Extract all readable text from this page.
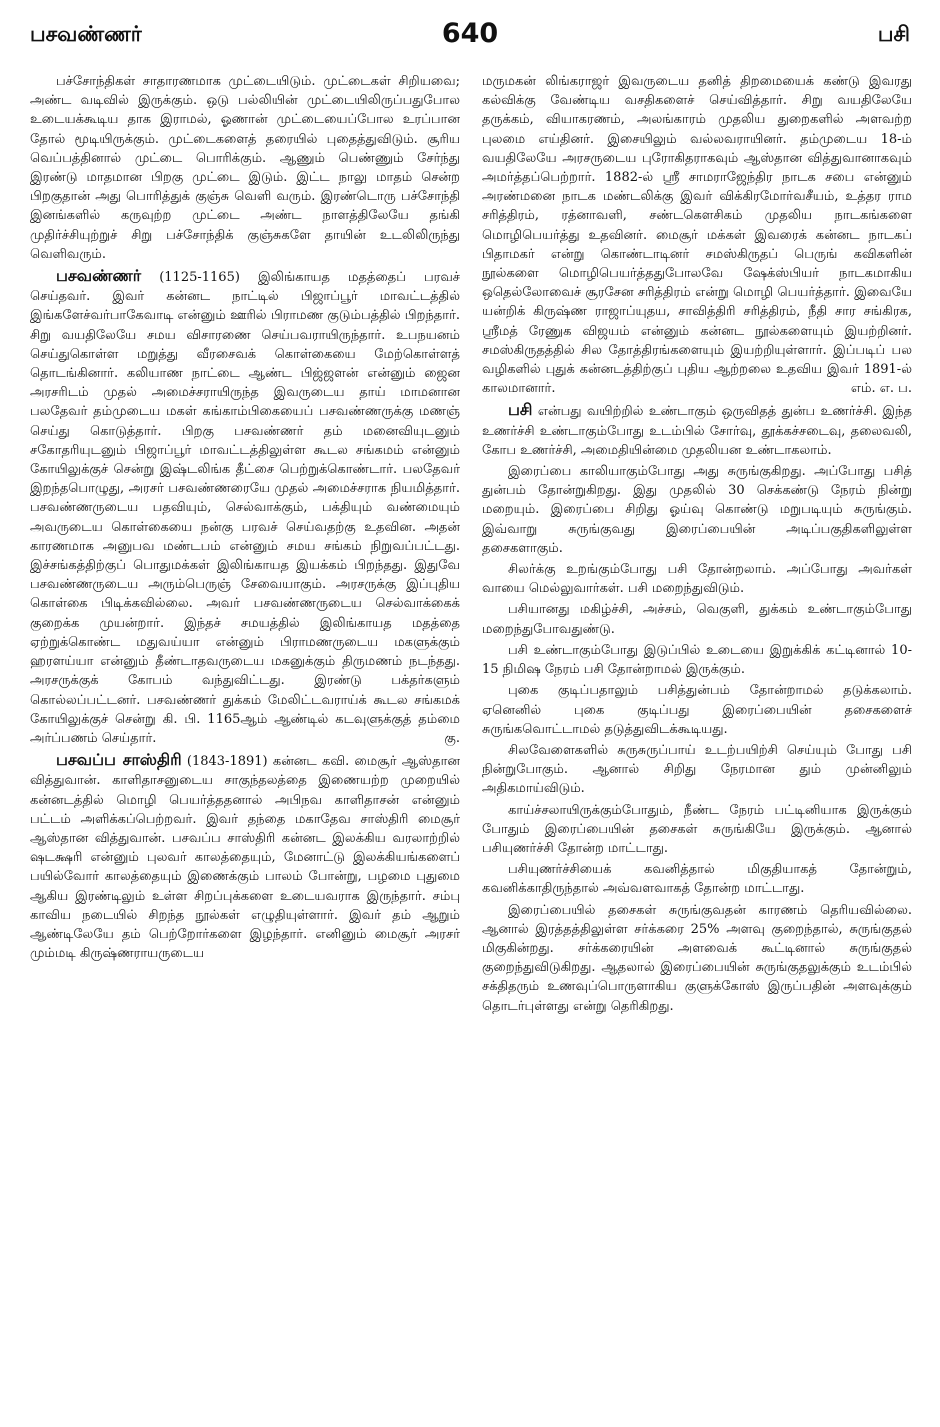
பசவண்ணர்	640	பசி

பச்சோந்திகள் சாதாரணமாக முட்டையிடும். முட்டைகள் சிறியவை; அண்ட வடிவில் இருக்கும். ஒடு பல்லியின் முட்டையிலிருப்பதுபோல உடையக்கூடிய தாக இராமல், ஓணான் முட்டையைப்போல உரப்பான தோல் மூடியிருக்கும். முட்டைகளைத் தரையில் புதைத்துவிடும். சூரிய வெப்பத்தினால் முட்டை பொரிக்கும். ஆணும் பெண்ணும் சேர்ந்து இரண்டு மாதமான பிறகு முட்டை இடும். இட்ட நாலு மாதம் சென்ற பிறகுதான் அது பொரித்துக் குஞ்சு வெளி வரும். இரண்டொரு பச்சோந்தி இனங்களில் கருவுற்ற முட்டை அண்ட நாளத்திலேயே தங்கி முதிர்ச்சியுற்றுச் சிறு பச்சோந்திக் குஞ்சுகளே தாயின் உடலிலிருந்து வெளிவரும்.

பசவண்ணர் (1125-1165) இலிங்காயத மதத்தைப் பரவச் செய்தவர். இவர் கன்னட நாட்டில் பிஜாப்பூர் மாவட்டத்தில் இங்களேச்வர்பாகேவாடி என்னும் ஊரில் பிராமண குடும்பத்தில் பிறந்தார். சிறு வயதிலேயே சமய விசாரணை செய்பவராயிருந்தார். உபநயனம் செய்துகொள்ள மறுத்து வீரசைவக் கொள்கையை மேற்கொள்ளத் தொடங்கினார். கலியாண நாட்டை ஆண்ட பிஜ்ஜளன் என்னும் ஜைன அரசரிடம் முதல் அமைச்சராயிருந்த இவருடைய தாய் மாமனான பலதேவர் தம்முடைய மகள் கங்காம்பிகையைப் பசவண்ணருக்கு மணஞ் செய்து கொடுத்தார். பிறகு பசவண்ணர் தம் மனைவியுடனும் சகோதரியுடனும் பிஜாப்பூர் மாவட்டத்திலுள்ள கூடல சங்கமம் என்னும் கோயிலுக்குச் சென்று இஷ்டலிங்க தீட்சை பெற்றுக்கொண்டார். பலதேவர் இறந்தபொழுது, அரசர் பசவண்ணரையே முதல் அமைச்சராக நியமித்தார். பசவண்ணருடைய பதவியும், செல்வாக்கும், பக்தியும் வண்மையும் அவருடைய கொள்கையை நன்கு பரவச் செய்வதற்கு உதவின. அதன் காரணமாக அனுபவ மண்டபம் என்னும் சமய சங்கம் நிறுவப்பட்டது. இச்சங்கத்திற்குப் பொதுமக்கள் இலிங்காயத இயக்கம் பிறந்தது. இதுவே பசவண்ணருடைய அரும்பெருஞ் சேவையாகும். அரசருக்கு இப்புதிய கொள்கை பிடிக்கவில்லை. அவர் பசவண்ணருடைய செல்வாக்கைக் குறைக்க முயன்றார். இந்தச் சமயத்தில் இலிங்காயத மதத்தை ஏற்றுக்கொண்ட மதுவய்யா என்னும் பிராமணருடைய மகளுக்கும் ஹரளய்யா என்னும் தீண்டாதவருடைய மகனுக்கும் திருமணம் நடந்தது. அரசருக்குக் கோபம் வந்துவிட்டது. இரண்டு பக்தர்களும் கொல்லப்பட்டனர். பசவண்ணர் துக்கம் மேலிட்டவராய்க் கூடல சங்கமக் கோயிலுக்குச் சென்று கி. பி. 1165ஆம் ஆண்டில் கடவுளுக்குத் தம்மை அர்ப்பணம் செய்தார்.	கு.

பசவப்ப சாஸ்திரி (1843-1891) கன்னட கவி. மைசூர் ஆஸ்தான வித்துவான். காளிதாசனுடைய சாகுந்தலத்தை இணையற்ற முறையில் கன்னடத்தில் மொழி பெயர்த்ததனால் அபிநவ காளிதாசன் என்னும் பட்டம் அளிக்கப்பெற்றவர். இவர் தந்தை மகாதேவ சாஸ்திரி மைசூர் ஆஸ்தான வித்துவான். பசவப்ப சாஸ்திரி கன்னட இலக்கிய வரலாற்றில் ஷடக்ஷரி என்னும் புலவர் காலத்தையும், மேனாட்டு இலக்கியங்களைப் பயில்வோர் காலத்தையும் இணைக்கும் பாலம் போன்று, பழமை புதுமை ஆகிய இரண்டிலும் உள்ள சிறப்புக்களை உடையவராக இருந்தார். சம்பு காவிய நடையில் சிறந்த நூல்கள் எழுதியுள்ளார். இவர் தம் ஆறும் ஆண்டிலேயே தம் பெற்றோர்களை இழந்தார். எனினும் மைசூர் அரசர் மும்மடி கிருஷ்ணராயருடைய

மருமகன் லிங்கராஜர் இவருடைய தனித் திறமையைக் கண்டு இவரது கல்விக்கு வேண்டிய வசதிகளைச் செய்வித்தார். சிறு வயதிலேயே தருக்கம், வியாகரணம், அலங்காரம் முதலிய துறைகளில் அளவற்ற புலமை எய்தினர். இசையிலும் வல்லவராயினர். தம்முடைய 18-ம் வயதிலேயே அரசருடைய புரோகிதராகவும் ஆஸ்தான வித்துவானாகவும் அமர்த்தப்பெற்றார். 1882-ல் ஸ்ரீ சாமராஜேந்திர நாடக சபை என்னும் அரண்மனை நாடக மண்டலிக்கு இவர் விக்கிரமோர்வசீயம், உத்தர ராம சரித்திரம், ரத்னாவளி, சண்டகௌசிகம் முதலிய நாடகங்களை மொழிபெயர்த்து உதவினர். மைசூர் மக்கள் இவரைக் கன்னட நாடகப் பிதாமகர் என்று கொண்டாடினர் சமஸ்கிருதப் பெருங் கவிகளின் நூல்களை மொழிபெயர்த்ததுபோலவே ஷேக்ஸ்பியர் நாடகமாகிய ஒதெல்லோவைச் சூரசேன சரித்திரம் என்று மொழி பெயர்த்தார். இவையே யன்றிக் கிருஷ்ண ராஜாப்யுதய, சாவித்திரி சரித்திரம், நீதி சார சங்கிரக, ஸ்ரீமத் ரேணுக விஜயம் என்னும் கன்னட நூல்களையும் இயற்றினர். சமஸ்கிருதத்தில் சில தோத்திரங்களையும் இயற்றியுள்ளார். இப்படிப் பல வழிகளில் புதுக் கன்னடத்திற்குப் புதிய ஆற்றலை உதவிய இவர் 1891-ல் காலமானார்.	எம். எ. ப.

பசி என்பது வயிற்றில் உண்டாகும் ஒருவிதத் துன்ப உணர்ச்சி. இந்த உணர்ச்சி உண்டாகும்போது உடம்பில் சோர்வு, தூக்கச்சடைவு, தலைவலி, கோப உணர்ச்சி, அமைதியின்மை முதலியன உண்டாகலாம்.

இரைப்பை காலியாகும்போது அது சுருங்குகிறது. அப்போது பசித் துன்பம் தோன்றுகிறது. இது முதலில் 30 செக்கண்டு நேரம் நின்று மறையும். இரைப்பை சிறிது ஓய்வு கொண்டு மறுபடியும் சுருங்கும். இவ்வாறு சுருங்குவது இரைப்பையின் அடிப்பகுதிகளிலுள்ள தசைகளாகும்.

சிலர்க்கு உறங்கும்போது பசி தோன்றலாம். அப்போது அவர்கள் வாயை மெல்லுவார்கள். பசி மறைந்துவிடும்.

பசியானது மகிழ்ச்சி, அச்சம், வெகுளி, துக்கம் உண்டாகும்போது மறைந்துபோவதுண்டு.

பசி உண்டாகும்போது இடுப்பில் உடையை இறுக்கிக் கட்டினால் 10-15 நிமிஷ நேரம் பசி தோன்றாமல் இருக்கும்.

புகை குடிப்பதாலும் பசித்துன்பம் தோன்றாமல் தடுக்கலாம். ஏனெனில் புகை குடிப்பது இரைப்பையின் தசைகளைச் சுருங்கவொட்டாமல் தடுத்துவிடக்கூடியது.

சிலவேளைகளில் சுருசுருப்பாய் உடற்பயிற்சி செய்யும் போது பசி நின்றுபோகும். ஆனால் சிறிது நேரமான தும் முன்னிலும் அதிகமாய்விடும்.

காய்ச்சலாயிருக்கும்போதும், நீண்ட நேரம் பட்டினியாக இருக்கும் போதும் இரைப்பையின் தசைகள் சுருங்கியே இருக்கும். ஆனால் பசியுணர்ச்சி தோன்ற மாட்டாது.

பசியுணர்ச்சியைக் கவனித்தால் மிகுதியாகத் தோன்றும், கவனிக்காதிருந்தால் அவ்வளவாகத் தோன்ற மாட்டாது.

இரைப்பையில் தசைகள் சுருங்குவதன் காரணம் தெரியவில்லை. ஆனால் இரத்தத்திலுள்ள சர்க்கரை 25% அளவு குறைந்தால், சுருங்குதல் மிகுகின்றது. சர்க்கரையின் அளவைக் கூட்டினால் சுருங்குதல் குறைந்துவிடுகிறது. ஆதலால் இரைப்பையின் சுருங்குதலுக்கும் உடம்பில் சக்திதரும் உணவுப்பொருளாகிய குளுக்கோஸ் இருப்பதின் அளவுக்கும் தொடர்புள்ளது என்று தெரிகிறது.
